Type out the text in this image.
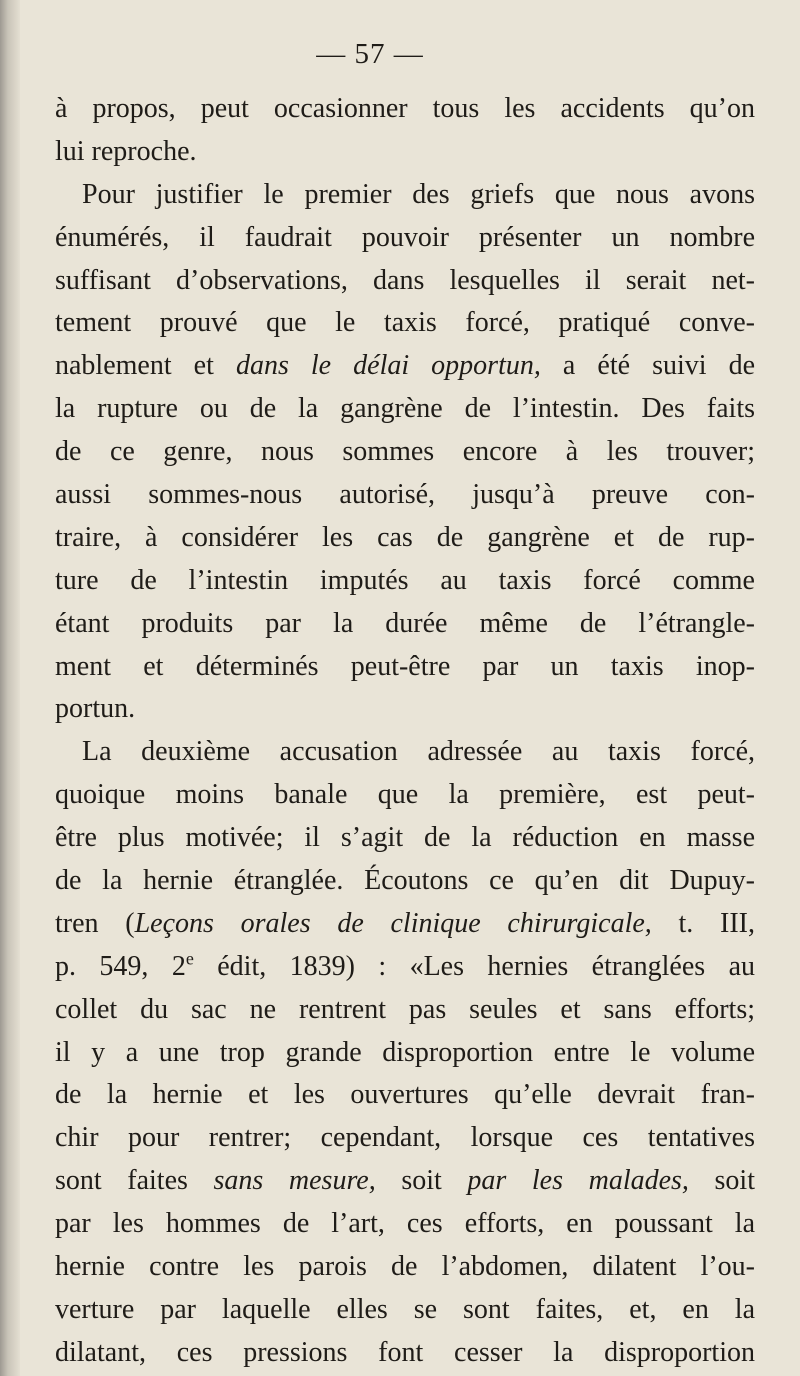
— 57 —
à propos, peut occasionner tous les accidents qu’on
lui reproche.
Pour justifier le premier des griefs que nous avons
énumérés, il faudrait pouvoir présenter un nombre
suffisant d’observations, dans lesquelles il serait net-
tement prouvé que le taxis forcé, pratiqué conve-
nablement et dans le délai opportun, a été suivi de
la rupture ou de la gangrène de l’intestin. Des faits
de ce genre, nous sommes encore à les trouver;
aussi sommes-nous autorisé, jusqu’à preuve con-
traire, à considérer les cas de gangrène et de rup-
ture de l’intestin imputés au taxis forcé comme
étant produits par la durée même de l’étrangle-
ment et déterminés peut-être par un taxis inop-
portun.
La deuxième accusation adressée au taxis forcé,
quoique moins banale que la première, est peut-
être plus motivée; il s’agit de la réduction en masse
de la hernie étranglée. Écoutons ce qu’en dit Dupuy-
tren (Leçons orales de clinique chirurgicale, t. III,
p. 549, 2e édit, 1839) : «Les hernies étranglées au
collet du sac ne rentrent pas seules et sans efforts;
il y a une trop grande disproportion entre le volume
de la hernie et les ouvertures qu’elle devrait fran-
chir pour rentrer; cependant, lorsque ces tentatives
sont faites sans mesure, soit par les malades, soit
par les hommes de l’art, ces efforts, en poussant la
hernie contre les parois de l’abdomen, dilatent l’ou-
verture par laquelle elles se sont faites, et, en la
dilatant, ces pressions font cesser la disproportion
